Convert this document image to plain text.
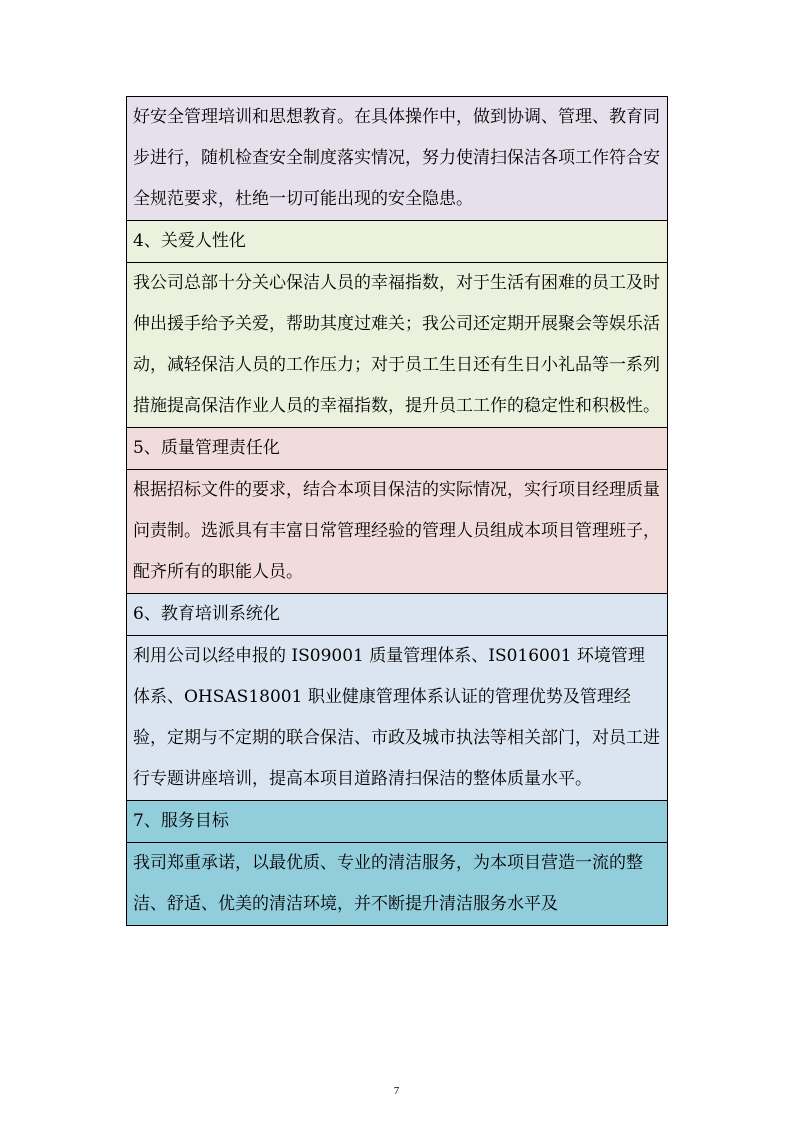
好安全管理培训和思想教育。在具体操作中，做到协调、管理、教育同步进行，随机检查安全制度落实情况，努力使清扫保洁各项工作符合安全规范要求，杜绝一切可能出现的安全隐患。
4、关爱人性化
我公司总部十分关心保洁人员的幸福指数，对于生活有困难的员工及时伸出援手给予关爱，帮助其度过难关；我公司还定期开展聚会等娱乐活动，减轻保洁人员的工作压力；对于员工生日还有生日小礼品等一系列措施提高保洁作业人员的幸福指数，提升员工工作的稳定性和积极性。
5、质量管理责任化
根据招标文件的要求，结合本项目保洁的实际情况，实行项目经理质量问责制。选派具有丰富日常管理经验的管理人员组成本项目管理班子，配齐所有的职能人员。
6、教育培训系统化
利用公司以经申报的 IS09001 质量管理体系、IS016001 环境管理体系、OHSAS18001 职业健康管理体系认证的管理优势及管理经验，定期与不定期的联合保洁、市政及城市执法等相关部门，对员工进行专题讲座培训，提高本项目道路清扫保洁的整体质量水平。
7、服务目标
我司郑重承诺，以最优质、专业的清洁服务，为本项目营造一流的整洁、舒适、优美的清洁环境，并不断提升清洁服务水平及
7
